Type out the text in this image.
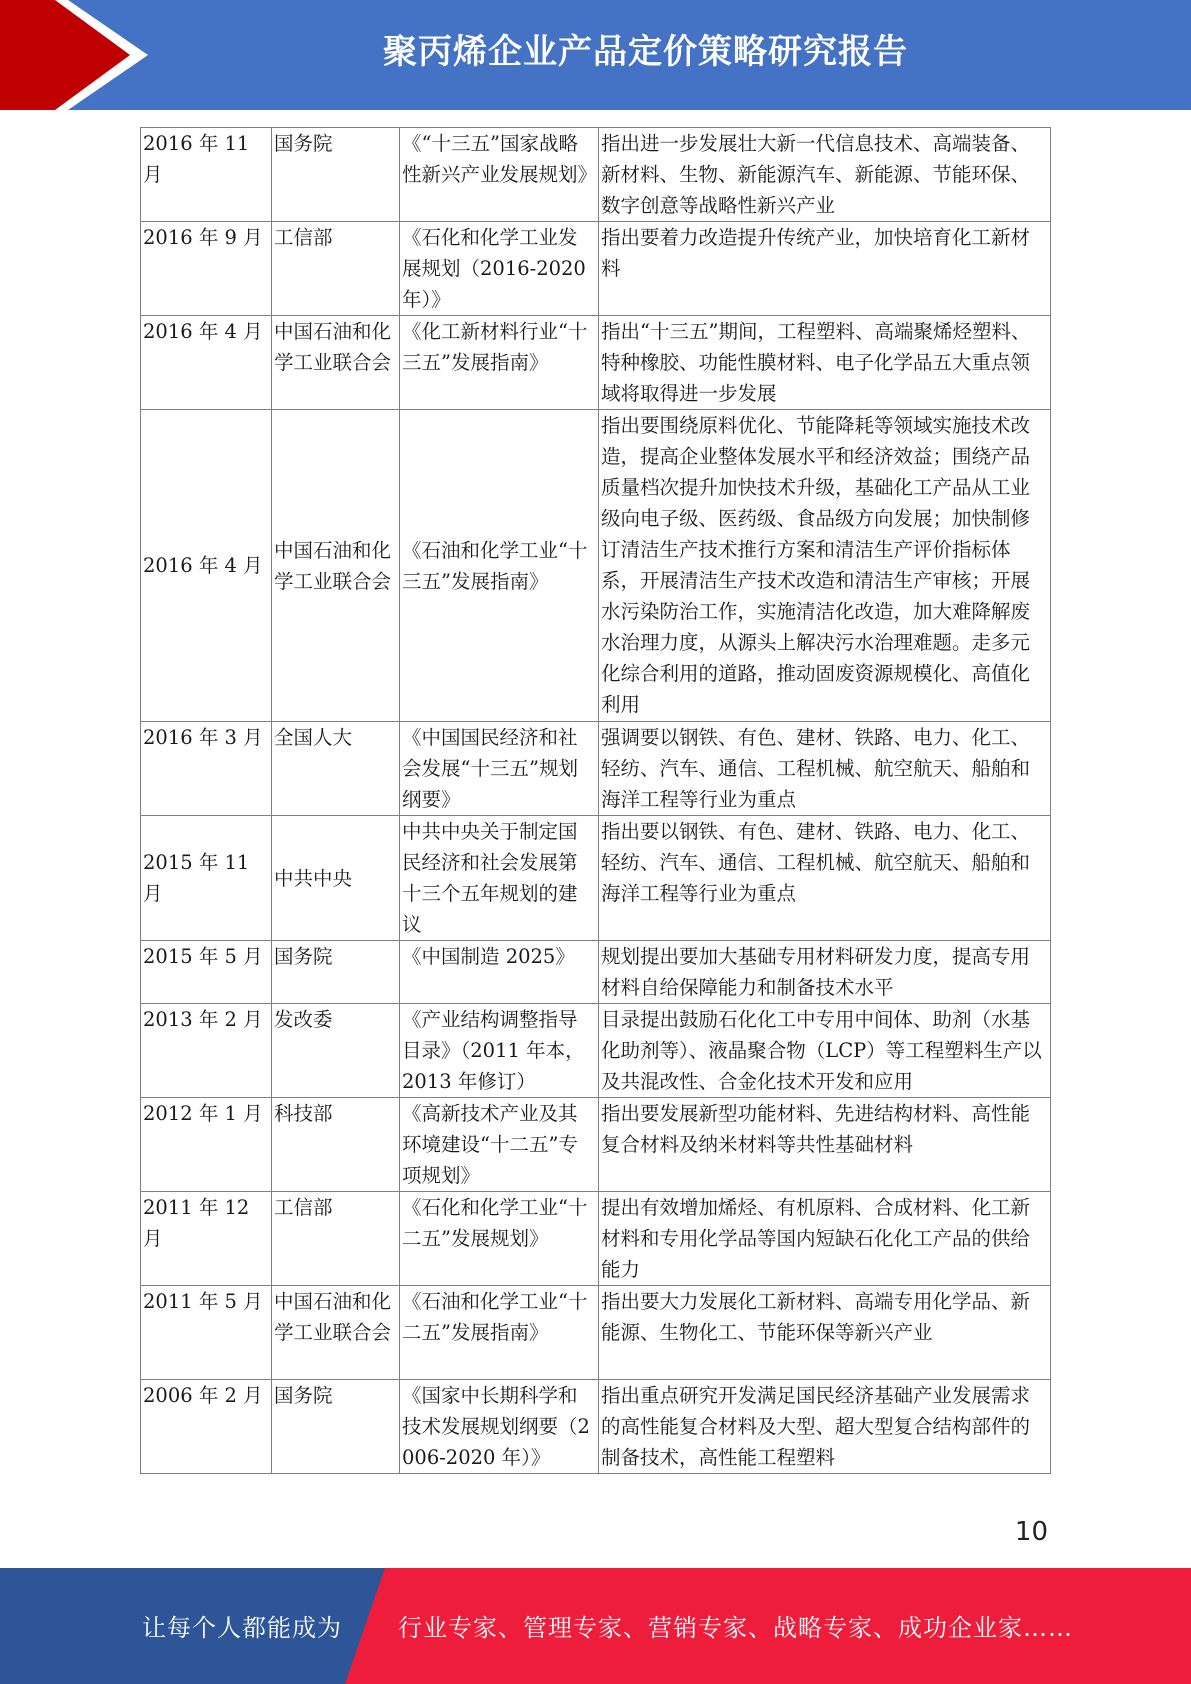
聚丙烯企业产品定价策略研究报告
2016 年 11 月	国务院	《“十三五”国家战略性新兴产业发展规划》	指出进一步发展壮大新一代信息技术、高端装备、新材料、生物、新能源汽车、新能源、节能环保、数字创意等战略性新兴产业
2016 年 9 月	工信部	《石化和化学工业发展规划（2016-2020 年）》	指出要着力改造提升传统产业，加快培育化工新材料
2016 年 4 月	中国石油和化学工业联合会	《化工新材料行业“十三五”发展指南》	指出“十三五”期间，工程塑料、高端聚烯烃塑料、特种橡胶、功能性膜材料、电子化学品五大重点领域将取得进一步发展
2016 年 4 月	中国石油和化学工业联合会	《石油和化学工业“十三五”发展指南》	指出要围绕原料优化、节能降耗等领域实施技术改造，提高企业整体发展水平和经济效益；围绕产品质量档次提升加快技术升级，基础化工产品从工业级向电子级、医药级、食品级方向发展；加快制修订清洁生产技术推行方案和清洁生产评价指标体系，开展清洁生产技术改造和清洁生产审核；开展水污染防治工作，实施清洁化改造，加大难降解废水治理力度，从源头上解决污水治理难题。走多元化综合利用的道路，推动固废资源规模化、高值化利用
2016 年 3 月	全国人大	《中国国民经济和社会发展“十三五”规划纲要》	强调要以钢铁、有色、建材、铁路、电力、化工、轻纺、汽车、通信、工程机械、航空航天、船舶和海洋工程等行业为重点
2015 年 11 月	中共中央	中共中央关于制定国民经济和社会发展第十三个五年规划的建议	指出要以钢铁、有色、建材、铁路、电力、化工、轻纺、汽车、通信、工程机械、航空航天、船舶和海洋工程等行业为重点
2015 年 5 月	国务院	《中国制造 2025》	规划提出要加大基础专用材料研发力度，提高专用材料自给保障能力和制备技术水平
2013 年 2 月	发改委	《产业结构调整指导目录》（2011 年本，2013 年修订）	目录提出鼓励石化化工中专用中间体、助剂（水基化助剂等）、液晶聚合物（LCP）等工程塑料生产以及共混改性、合金化技术开发和应用
2012 年 1 月	科技部	《高新技术产业及其环境建设“十二五”专项规划》	指出要发展新型功能材料、先进结构材料、高性能复合材料及纳米材料等共性基础材料
2011 年 12 月	工信部	《石化和化学工业“十二五”发展规划》	提出有效增加烯烃、有机原料、合成材料、化工新材料和专用化学品等国内短缺石化化工产品的供给能力
2011 年 5 月	中国石油和化学工业联合会	《石油和化学工业“十二五”发展指南》	指出要大力发展化工新材料、高端专用化学品、新能源、生物化工、节能环保等新兴产业
2006 年 2 月	国务院	《国家中长期科学和技术发展规划纲要（2006-2020 年）》	指出重点研究开发满足国民经济基础产业发展需求的高性能复合材料及大型、超大型复合结构部件的制备技术，高性能工程塑料
10
让每个人都能成为 行业专家、管理专家、营销专家、战略专家、成功企业家……
